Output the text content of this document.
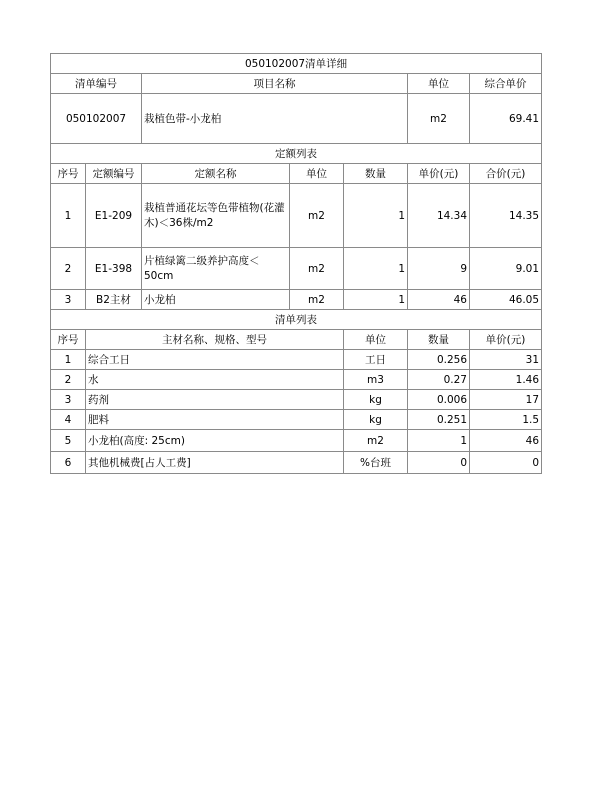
050102007清单详细							
清单编号		项目名称			单位	综合单价	
050102007		栽植色带-小龙柏			m2	69.41	
定额列表							
序号	定额编号	定额名称	单位	数量	单价(元)	合价(元)	
1	E1-209	栽植普通花坛等色带植物(花灌木)＜36株/m2	m2	1	14.34	14.35	
2	E1-398	片植绿篱二级养护高度＜50cm	m2	1	9	9.01	
3	B2主材	小龙柏	m2	1	46	46.05	
清单列表							
序号	主材名称、规格、型号			单位	数量	单价(元)	
1	综合工日			工日	0.256	31	
2	水			m3	0.27	1.46	
3	药剂			kg	0.006	17	
4	肥料			kg	0.251	1.5	
5	小龙柏(高度: 25cm)			m2	1	46	
6	其他机械费[占人工费]			%台班	0	0	
